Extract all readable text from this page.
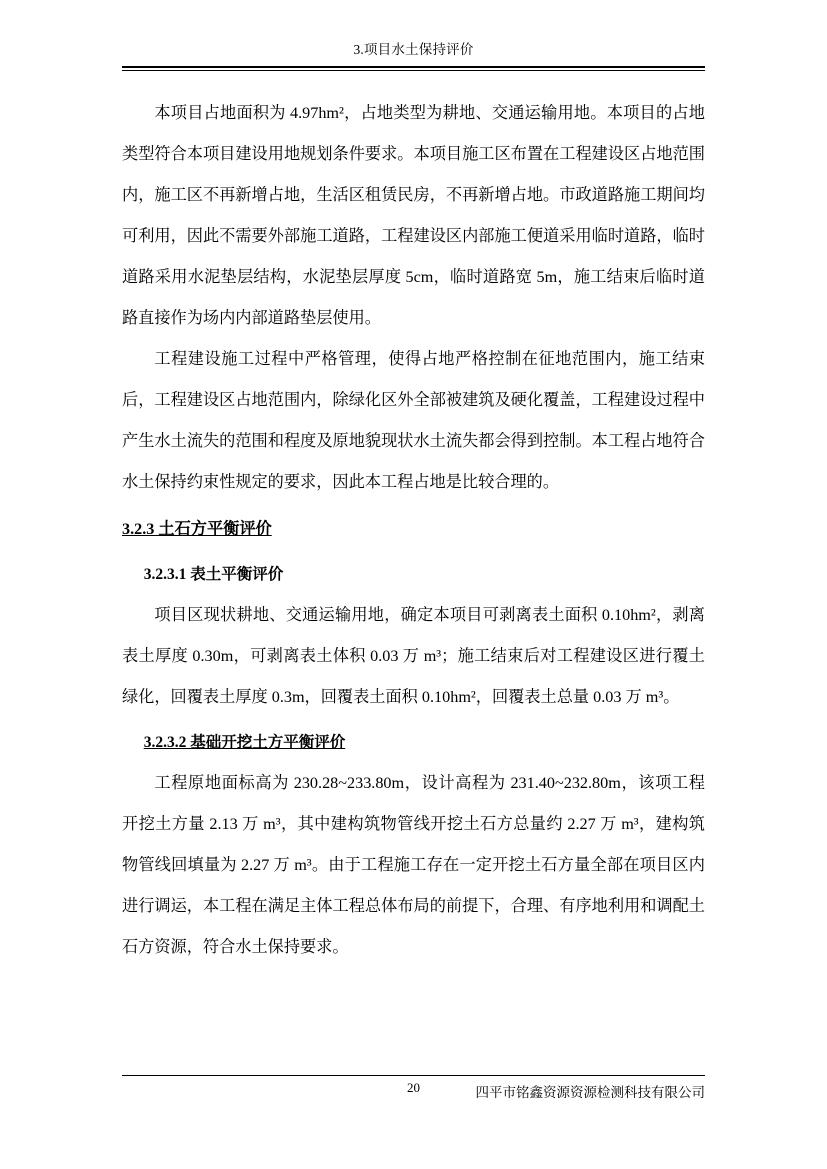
3.项目水土保持评价

本项目占地面积为 4.97hm²，占地类型为耕地、交通运输用地。本项目的占地类型符合本项目建设用地规划条件要求。本项目施工区布置在工程建设区占地范围内，施工区不再新增占地，生活区租赁民房，不再新增占地。市政道路施工期间均可利用，因此不需要外部施工道路，工程建设区内部施工便道采用临时道路，临时道路采用水泥垫层结构，水泥垫层厚度 5cm，临时道路宽 5m，施工结束后临时道路直接作为场内内部道路垫层使用。

工程建设施工过程中严格管理，使得占地严格控制在征地范围内，施工结束后，工程建设区占地范围内，除绿化区外全部被建筑及硬化覆盖，工程建设过程中产生水土流失的范围和程度及原地貌现状水土流失都会得到控制。本工程占地符合水土保持约束性规定的要求，因此本工程占地是比较合理的。

3.2.3 土石方平衡评价
3.2.3.1 表土平衡评价

项目区现状耕地、交通运输用地，确定本项目可剥离表土面积 0.10hm²，剥离表土厚度 0.30m，可剥离表土体积 0.03 万 m³；施工结束后对工程建设区进行覆土绿化，回覆表土厚度 0.3m，回覆表土面积 0.10hm²，回覆表土总量 0.03 万 m³。

3.2.3.2 基础开挖土方平衡评价

工程原地面标高为 230.28~233.80m，设计高程为 231.40~232.80m，该项工程开挖土方量 2.13 万 m³，其中建构筑物管线开挖土石方总量约 2.27 万 m³，建构筑物管线回填量为 2.27 万 m³。由于工程施工存在一定开挖土石方量全部在项目区内进行调运，本工程在满足主体工程总体布局的前提下，合理、有序地利用和调配土石方资源，符合水土保持要求。

20	四平市铭鑫资源资源检测科技有限公司
